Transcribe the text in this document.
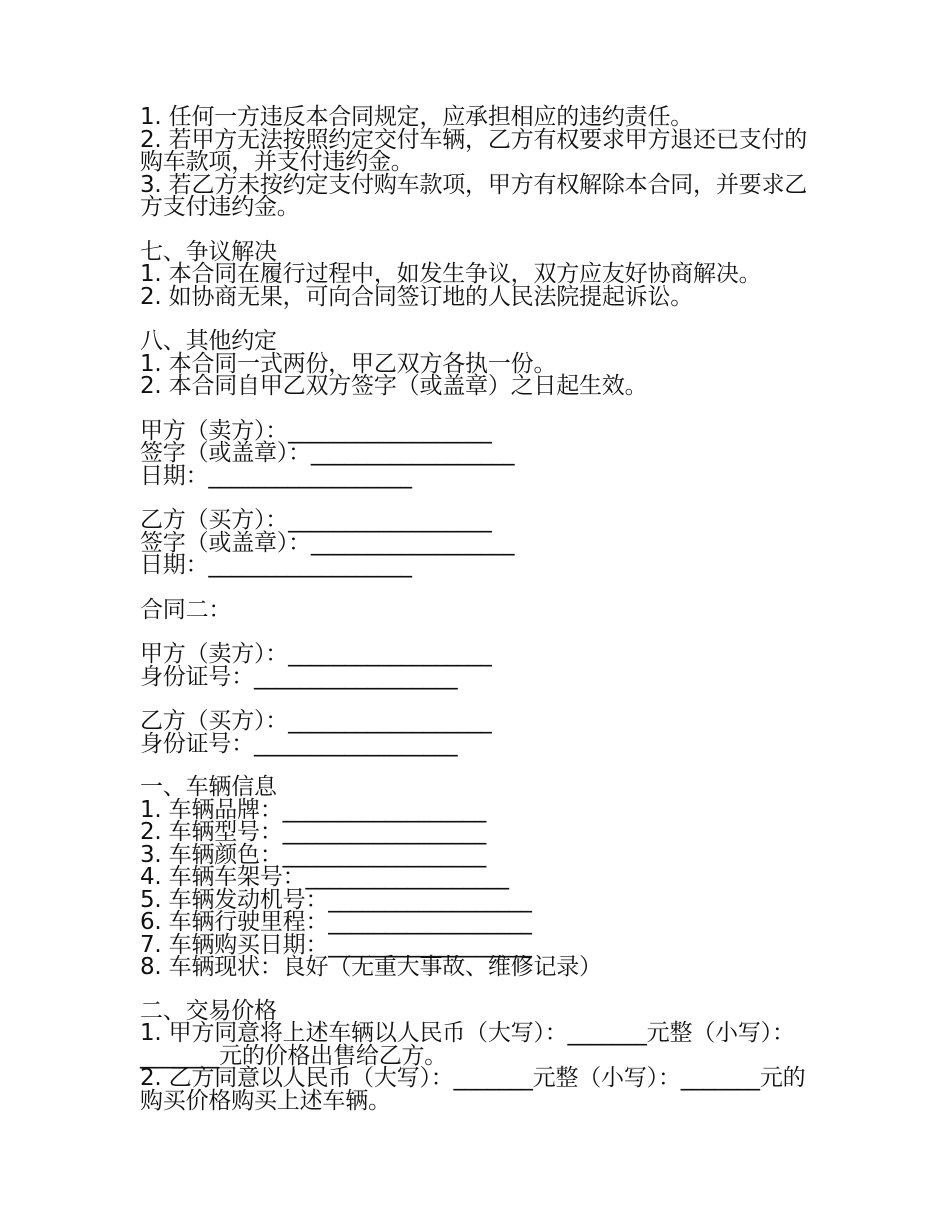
1. 任何一方违反本合同规定，应承担相应的违约责任。

2. 若甲方无法按照约定交付车辆，乙方有权要求甲方退还已支付的购车款项，并支付违约金。

3. 若乙方未按约定支付购车款项，甲方有权解除本合同，并要求乙方支付违约金。

七、争议解决

1. 本合同在履行过程中，如发生争议，双方应友好协商解决。

2. 如协商无果，可向合同签订地的人民法院提起诉讼。

八、其他约定

1. 本合同一式两份，甲乙双方各执一份。

2. 本合同自甲乙双方签字（或盖章）之日起生效。

甲方（卖方）：__________________

签字（或盖章）：__________________

日期：__________________

乙方（买方）：__________________

签字（或盖章）：__________________

日期：__________________

合同二：

甲方（卖方）：__________________

身份证号：__________________

乙方（买方）：__________________

身份证号：__________________

一、车辆信息

1. 车辆品牌：__________________

2. 车辆型号：__________________

3. 车辆颜色：__________________

4. 车辆车架号：__________________

5. 车辆发动机号：__________________

6. 车辆行驶里程：__________________

7. 车辆购买日期：__________________

8. 车辆现状：良好（无重大事故、维修记录）

二、交易价格

1. 甲方同意将上述车辆以人民币（大写）：_______元整（小写）：_______元的价格出售给乙方。

2. 乙方同意以人民币（大写）：_______元整（小写）：_______元的购买价格购买上述车辆。
